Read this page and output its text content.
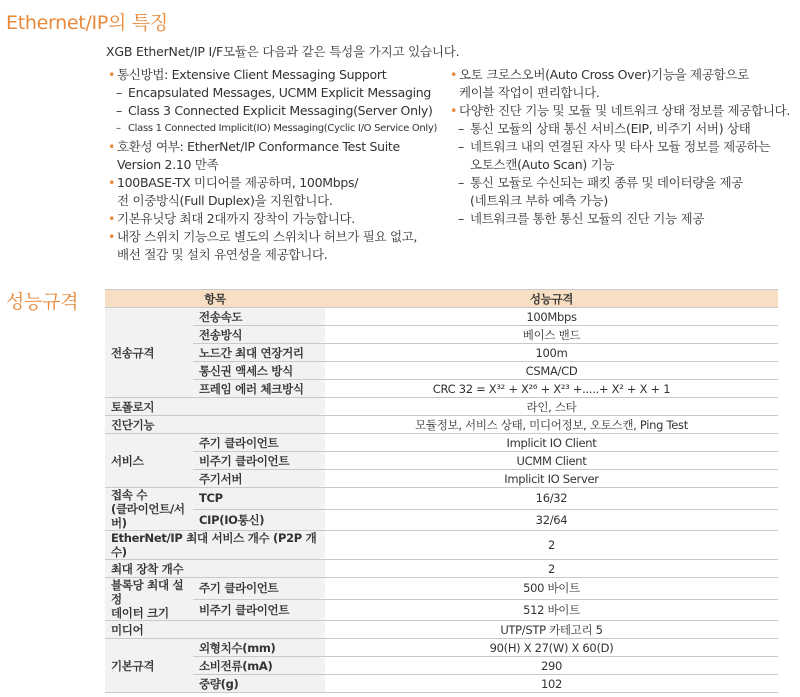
Ethernet/IP의 특징
XGB EtherNet/IP I/F모듈은 다음과 같은 특성을 가지고 있습니다.
• 통신방법: Extensive Client Messaging Support
– Encapsulated Messages, UCMM Explicit Messaging
– Class 3 Connected Explicit Messaging(Server Only)
– Class 1 Connected Implicit(IO) Messaging(Cyclic I/O Service Only)
• 호환성 여부: EtherNet/IP Conformance Test Suite
Version 2.10 만족
• 100BASE-TX 미디어를 제공하며, 100Mbps/
전 이중방식(Full Duplex)을 지원합니다.
• 기본유닛당 최대 2대까지 장착이 가능합니다.
• 내장 스위치 기능으로 별도의 스위치나 허브가 필요 없고,
배선 절감 및 설치 유연성을 제공합니다.
• 오토 크로스오버(Auto Cross Over)기능을 제공함으로
케이블 작업이 편리합니다.
• 다양한 진단 기능 및 모듈 및 네트워크 상태 정보를 제공합니다.
– 통신 모듈의 상태 통신 서비스(EIP, 비주기 서버) 상태
– 네트워크 내의 연결된 자사 및 타사 모듈 정보를 제공하는
오토스캔(Auto Scan) 기능
– 통신 모듈로 수신되는 패킷 종류 및 데이터량을 제공
(네트워크 부하 예측 가능)
– 네트워크를 통한 통신 모듈의 진단 기능 제공
성능규격	항목		성능규격
전송규격	전송속도	100Mbps
	전송방식	베이스 밴드
	노드간 최대 연장거리	100m
	통신권 액세스 방식	CSMA/CD
	프레임 에러 체크방식	CRC 32 = X³² + X²⁶ + X²³ +.....+ X² + X + 1
토폴로지		라인, 스타
진단기능		모듈정보, 서비스 상태, 미디어정보, 오토스캔, Ping Test
서비스	주기 클라이언트	Implicit IO Client
	비주기 클라이언트	UCMM Client
	주기서버	Implicit IO Server
접속 수
(클라이언트/서버)	TCP	16/32
	CIP(IO통신)	32/64
EtherNet/IP 최대 서비스 개수 (P2P 개수)		2
최대 장착 개수		2
블록당 최대 설정
데이터 크기	주기 클라이언트	500 바이트
	비주기 클라이언트	512 바이트
미디어		UTP/STP 카테고리 5
기본규격	외형치수(mm)	90(H) X 27(W) X 60(D)
	소비전류(mA)	290
	중량(g)	102
